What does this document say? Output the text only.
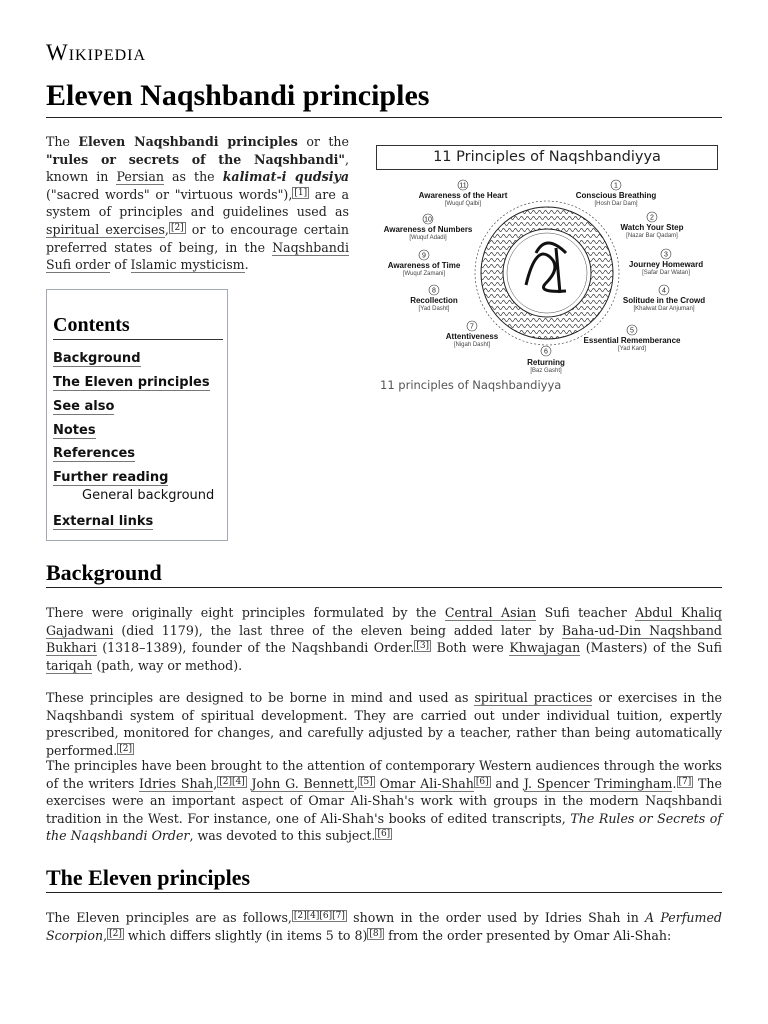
Wikipedia
Eleven Naqshbandi principles

The Eleven Naqshbandi principles or the "rules or secrets of the Naqshbandi", known in Persian as the kalimat-i qudsiya ("sacred words" or "virtuous words"), [1] are a system of principles and guidelines used as spiritual exercises, [2] or to encourage certain preferred states of being, in the Naqshbandi Sufi order of Islamic mysticism.

Contents
Background
The Eleven principles
See also
Notes
References
Further reading
General background
External links
11 Principles of Naqshbandiyya
11
Awareness of the Heart
[Wuquf Qalbi]
1
Conscious Breathing
[Hosh Dar Dam]
10
Awareness of Numbers
[Wuquf Adadi]
2
Watch Your Step
[Nazar Bar Qadam]
9
Awareness of Time
[Wuquf Zamani]
3
Journey Homeward
[Safar Dar Watan]
8
Recollection
[Yad Dasht]
4
Solitude in the Crowd
[Khalwat Dar Anjuman]
7
Attentiveness
[Nigah Dasht]
5
Essential Rememberance
[Yad Kard]
6
Returning
[Baz Gasht]
11 principles of Naqshbandiyya
Background

There were originally eight principles formulated by the Central Asian Sufi teacher Abdul Khaliq Gajadwani (died 1179), the last three of the eleven being added later by Baha-ud-Din Naqshband Bukhari (1318–1389), founder of the Naqshbandi Order. [3] Both were Khwajagan (Masters) of the Sufi tariqah (path, way or method).

These principles are designed to be borne in mind and used as spiritual practices or exercises in the Naqshbandi system of spiritual development. They are carried out under individual tuition, expertly prescribed, monitored for changes, and carefully adjusted by a teacher, rather than being automatically performed. [2]

The principles have been brought to the attention of contemporary Western audiences through the works of the writers Idries Shah, [2][4] John G. Bennett, [5] Omar Ali-Shah [6] and J. Spencer Trimingham. [7] The exercises were an important aspect of Omar Ali-Shah's work with groups in the modern Naqshbandi tradition in the West. For instance, one of Ali-Shah's books of edited transcripts, The Rules or Secrets of the Naqshbandi Order, was devoted to this subject. [6]

The Eleven principles

The Eleven principles are as follows, [2][4][6][7] shown in the order used by Idries Shah in A Perfumed Scorpion, [2] which differs slightly (in items 5 to 8) [8] from the order presented by Omar Ali-Shah:
